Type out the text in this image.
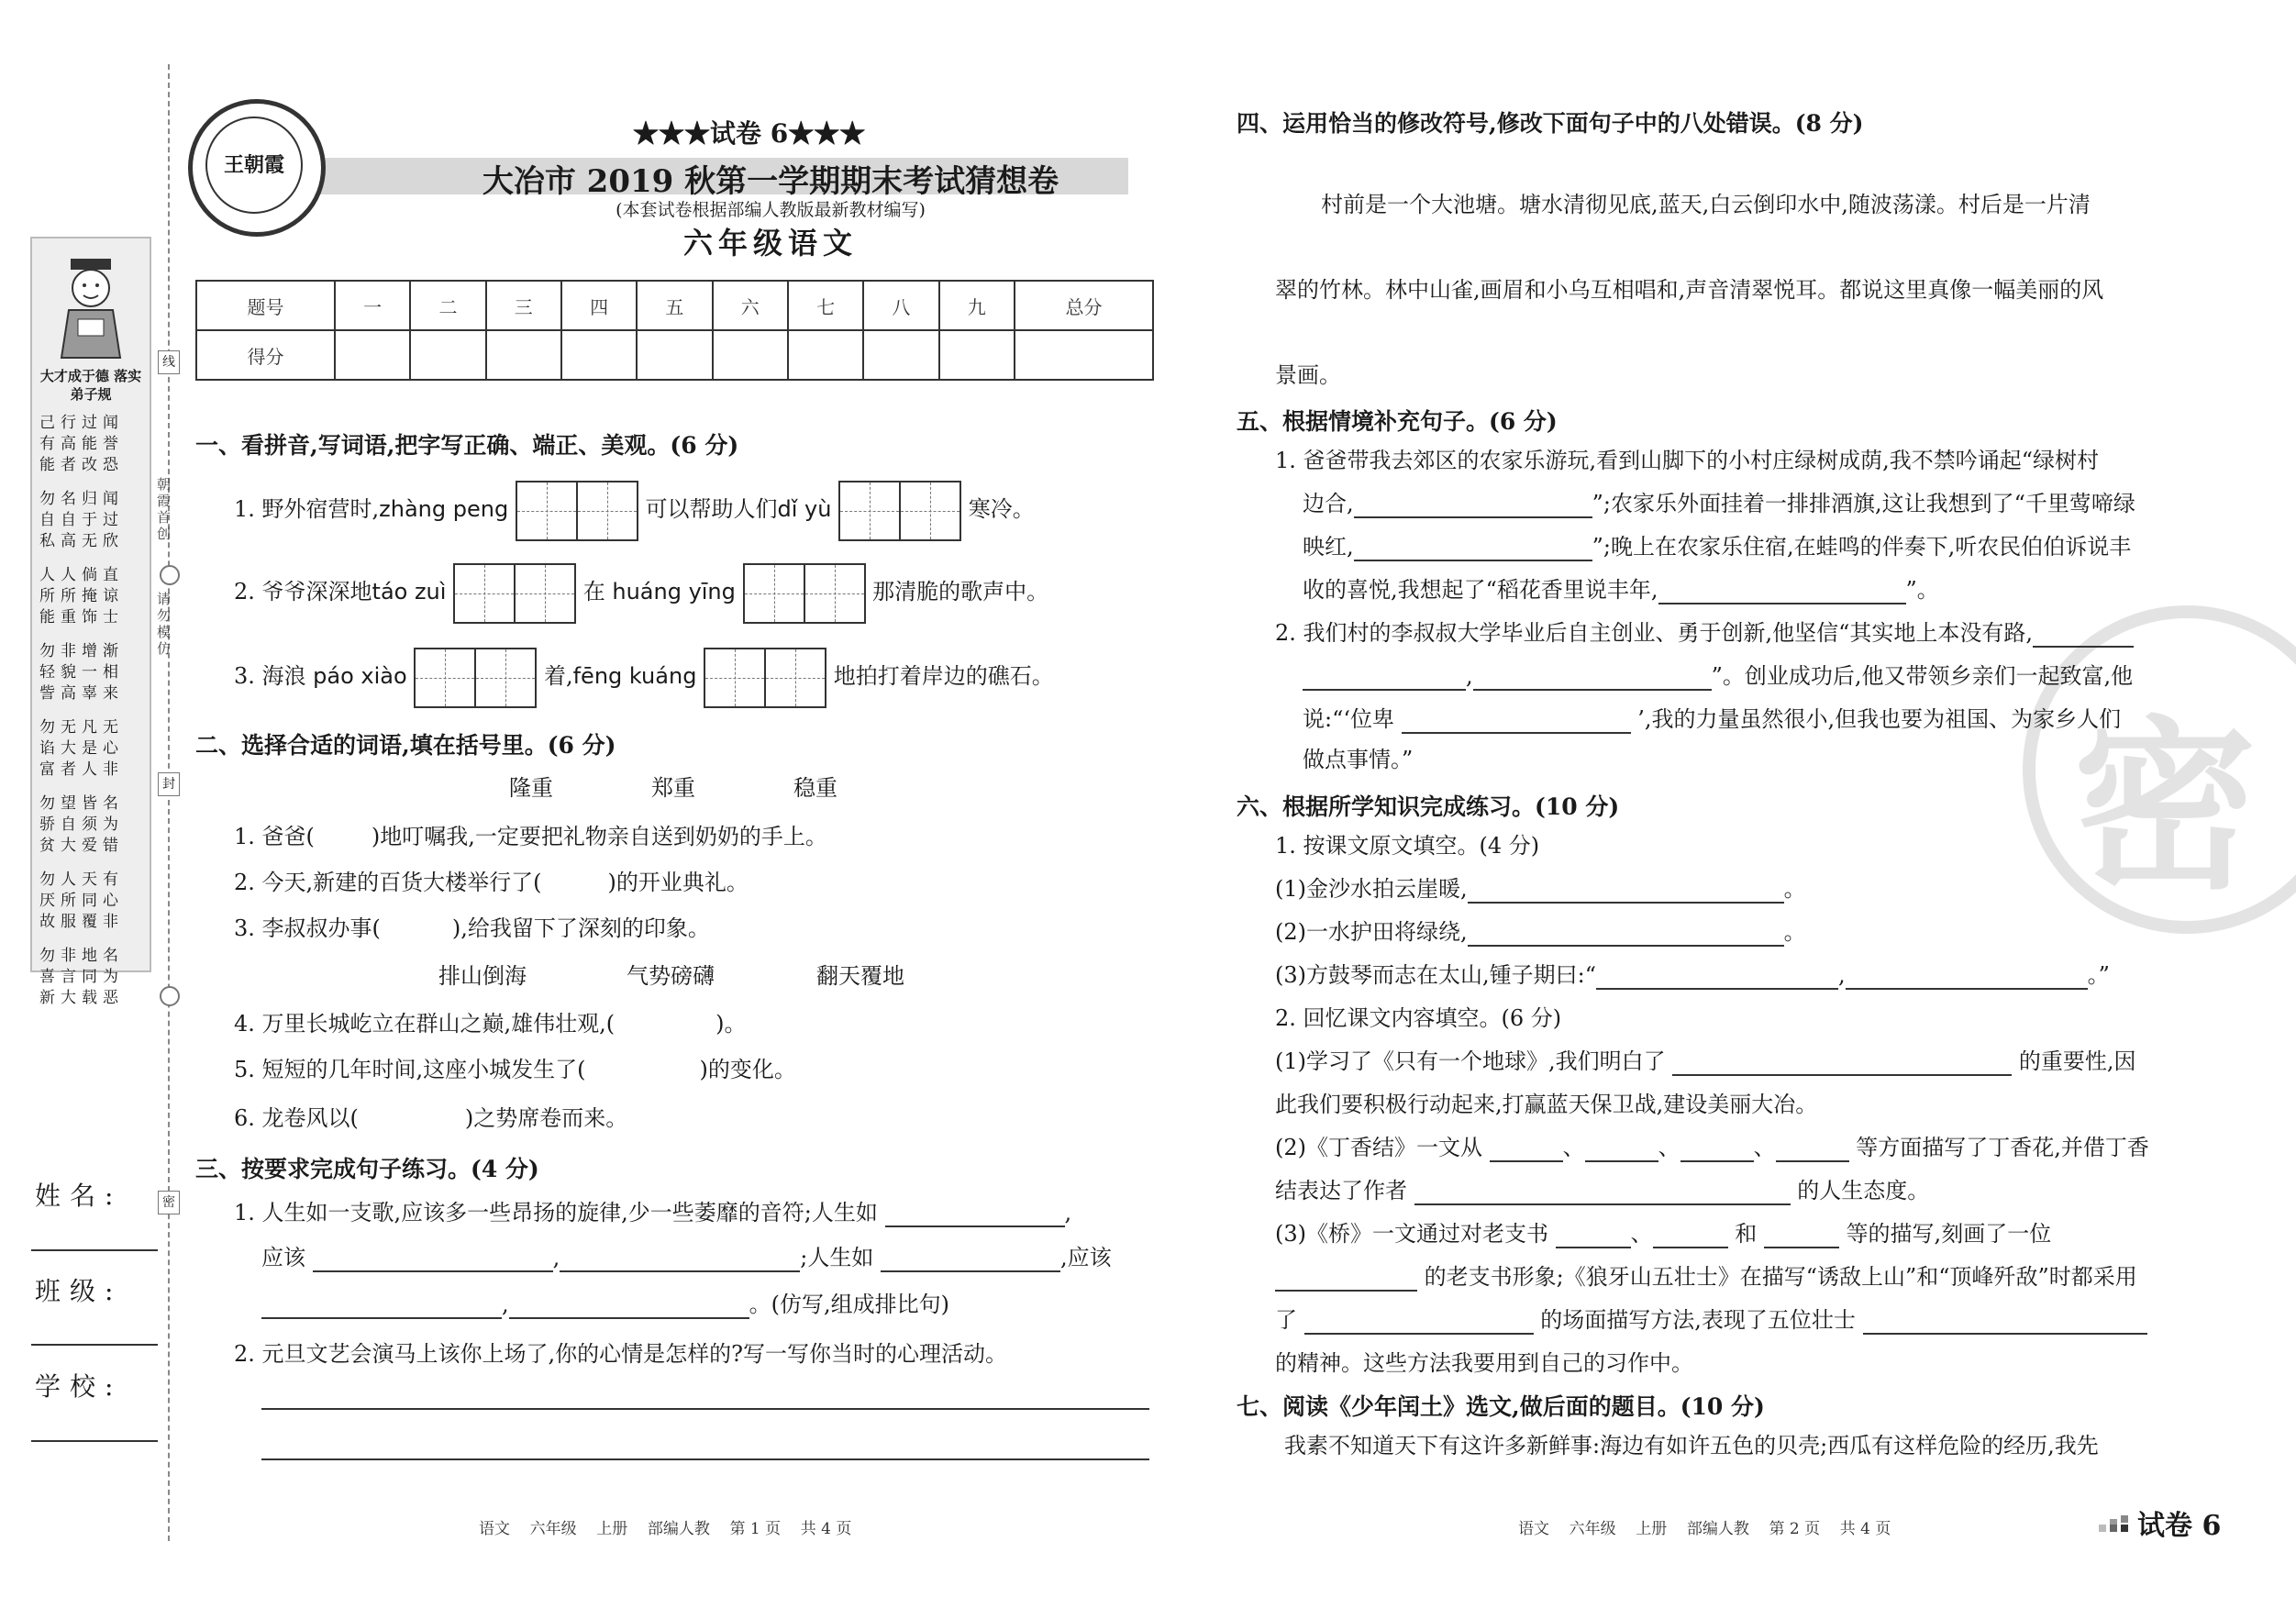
大才成于德 落实弟子规
己行过闻
有高能誉
能者改恐
勿名归闻
自自于过
私高无欣
人人倘直
所所掩谅
能重饰士
勿非增渐
轻貌一相
訾高辜来
勿无凡无
谄大是心
富者人非
勿望皆名
骄自须为
贫大爱错
勿人天有
厌所同心
故服覆非
勿非地名
喜言同为
新大载恶
线
朝霞首创
请勿模仿
封
密
姓名:
班级:
学校:
王朝霞
★★★试卷 6★★★
大冶市 2019 秋第一学期期末考试猜想卷
(本套试卷根据部编人教版最新教材编写)
六年级语文
题号	一	二	三	四	五	六	七	八	九	总分
得分										
一、看拼音,写词语,把字写正确、端正、美观。(6 分)
1. 野外宿营时,zhàng peng	可以帮助人们dǐ yù	寒冷。
2. 爷爷深深地táo zuì	在 huáng yīng	那清脆的歌声中。
3. 海浪 páo xiào	着,fēng kuáng	地拍打着岸边的礁石。
二、选择合适的词语,填在括号里。(6 分)
隆重	郑重	稳重
1. 爸爸(	)地叮嘱我,一定要把礼物亲自送到奶奶的手上。
2. 今天,新建的百货大楼举行了(	)的开业典礼。
3. 李叔叔办事(	),给我留下了深刻的印象。
排山倒海	气势磅礴	翻天覆地
4. 万里长城屹立在群山之巅,雄伟壮观,(	)。
5. 短短的几年时间,这座小城发生了(	)的变化。
6. 龙卷风以(	)之势席卷而来。
三、按要求完成句子练习。(4 分)
1. 人生如一支歌,应该多一些昂扬的旋律,少一些萎靡的音符;人生如	,
应该	,	;人生如	,应该
,	。(仿写,组成排比句)
2. 元旦文艺会演马上该你上场了,你的心情是怎样的?写一写你当时的心理活动。
语文    六年级    上册    部编人教    第 1 页    共 4 页
密
四、运用恰当的修改符号,修改下面句子中的八处错误。(8 分)
村前是一个大池塘。塘水清彻见底,蓝天,白云倒印水中,随波荡漾。村后是一片清
翠的竹林。林中山雀,画眉和小乌互相唱和,声音清翠悦耳。都说这里真像一幅美丽的风
景画。
五、根据情境补充句子。(6 分)
1. 爸爸带我去郊区的农家乐游玩,看到山脚下的小村庄绿树成荫,我不禁吟诵起“绿树村
边合,	”;农家乐外面挂着一排排酒旗,这让我想到了“千里莺啼绿
映红,	”;晚上在农家乐住宿,在蛙鸣的伴奏下,听农民伯伯诉说丰
收的喜悦,我想起了“稻花香里说丰年,	”。
2. 我们村的李叔叔大学毕业后自主创业、勇于创新,他坚信“其实地上本没有路,
,	”。创业成功后,他又带领乡亲们一起致富,他
说:“‘位卑	’,我的力量虽然很小,但我也要为祖国、为家乡人们
做点事情。”
六、根据所学知识完成练习。(10 分)
1. 按课文原文填空。(4 分)
(1)金沙水拍云崖暖,	。
(2)一水护田将绿绕,	。
(3)方鼓琴而志在太山,锺子期曰:“	,	。”
2. 回忆课文内容填空。(6 分)
(1)学习了《只有一个地球》,我们明白了	的重要性,因
此我们要积极行动起来,打赢蓝天保卫战,建设美丽大冶。
(2)《丁香结》一文从	、	、	、	等方面描写了丁香花,并借丁香
结表达了作者	的人生态度。
(3)《桥》一文通过对老支书	、	和	等的描写,刻画了一位
的老支书形象;《狼牙山五壮士》在描写“诱敌上山”和“顶峰歼敌”时都采用
了	的场面描写方法,表现了五位壮士
的精神。这些方法我要用到自己的习作中。
七、阅读《少年闰土》选文,做后面的题目。(10 分)
我素不知道天下有这许多新鲜事:海边有如许五色的贝壳;西瓜有这样危险的经历,我先
语文    六年级    上册    部编人教    第 2 页    共 4 页	试卷 6
